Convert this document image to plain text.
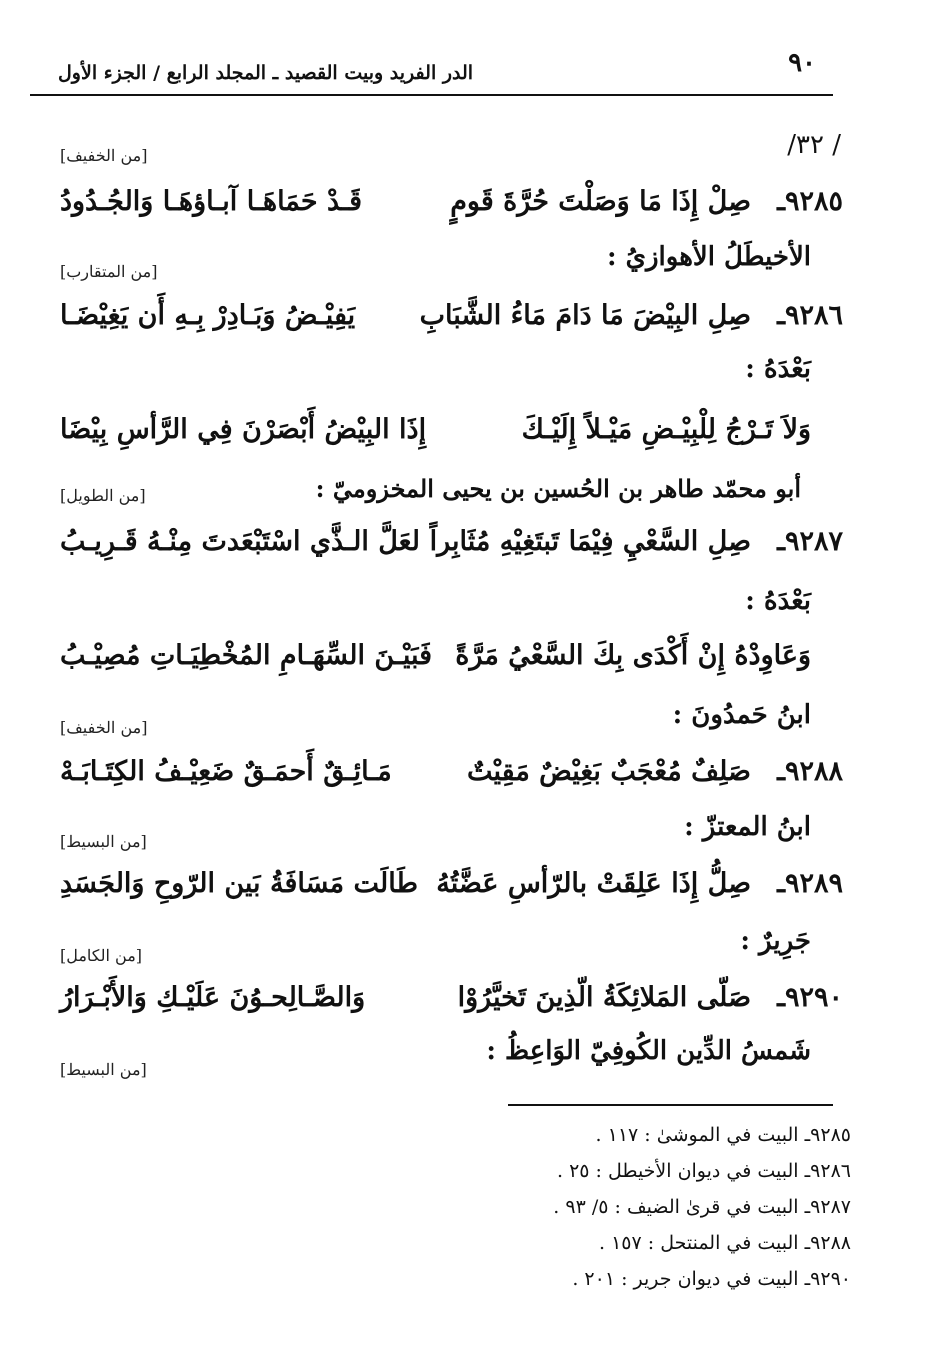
٩٠
الدر الفريد وبيت القصيد ـ المجلد الرابع / الجزء الأول
/ ٣٢/
[من الخفيف]
[من المتقارب]
[من الطويل]
[من الخفيف]
[من البسيط]
[من الكامل]
[من البسيط]
٩٢٨٥ـ
صِلْ إِذَا مَا وَصَلْتَ حُرَّةَ قَومٍ
قَـدْ حَمَاهَـا آبـاؤهَـا وَالجُـدُودُ
الأخيطَلُ الأهوازيُ :
٩٢٨٦ـ
صِلِ البِيْضَ مَا دَامَ مَاءُ الشَّبَابِ
يَفِيْـضُ وَبَـادِرْ بِـهِ أَن يَغِيْضَـا
بَعْدَهُ :
وَلاَ تَـرْجُ لِلْبِيْـضِ مَيْـلاً إِلَيْـكَ
إِذَا البِيْضُ أَبْصَرْنَ فِي الرَّأسِ بِيْضَا
أبو محمّد طاهر بن الحُسين بن يحيى المخزوميّ :
٩٢٨٧ـ
صِلِ السَّعْيِ فِيْمَا تَبتَغِيْهِ مُثَابِراً
لعَلَّ الـذَّي اسْتَبْعَدتَ مِنْـهُ قَـرِيـبُ
بَعْدَهُ :
وَعَاوِدْهُ إِنْ أَكْدَى بِكَ السَّعْيُ مَرَّةً
فَبَيْـنَ السِّهَـامِ المُخْطِيَـاتِ مُصِيْـبُ
ابنُ حَمدُونَ :
٩٢٨٨ـ
صَلِفٌ مُعْجَبٌ بَغِيْضٌ مَقِيْتٌ
مَـائِـقٌ أَحمَـقٌ ضَعِيْـفُ الكِتَـابَـهْ
ابنُ المعتزّ :
٩٢٨٩ـ
صِلُّ إِذَا عَلِقَتْ بالرّأسِ عَضَّتُهُ
طَالَت مَسَافَةُ بَين الرّوحِ وَالجَسَدِ
جَرِيرٌ :
٩٢٩٠ـ
صَلّى المَلائِكَةُ الّذِينَ تَخيَّرُوْا
وَالصَّـالِحـوُنَ عَلَيْـكِ وَالأَبْـرَارُ
شَمسُ الدِّين الكُوفِيّ الوَاعِظُ :
٩٢٨٥ـ البيت في الموشىٰ : ١١٧ .
٩٢٨٦ـ البيت في ديوان الأخيطل : ٢٥ .
٩٢٨٧ـ البيت في قرىٰ الضيف : ٥/ ٩٣ .
٩٢٨٨ـ البيت في المنتحل : ١٥٧ .
٩٢٩٠ـ البيت في ديوان جرير : ٢٠١ .
